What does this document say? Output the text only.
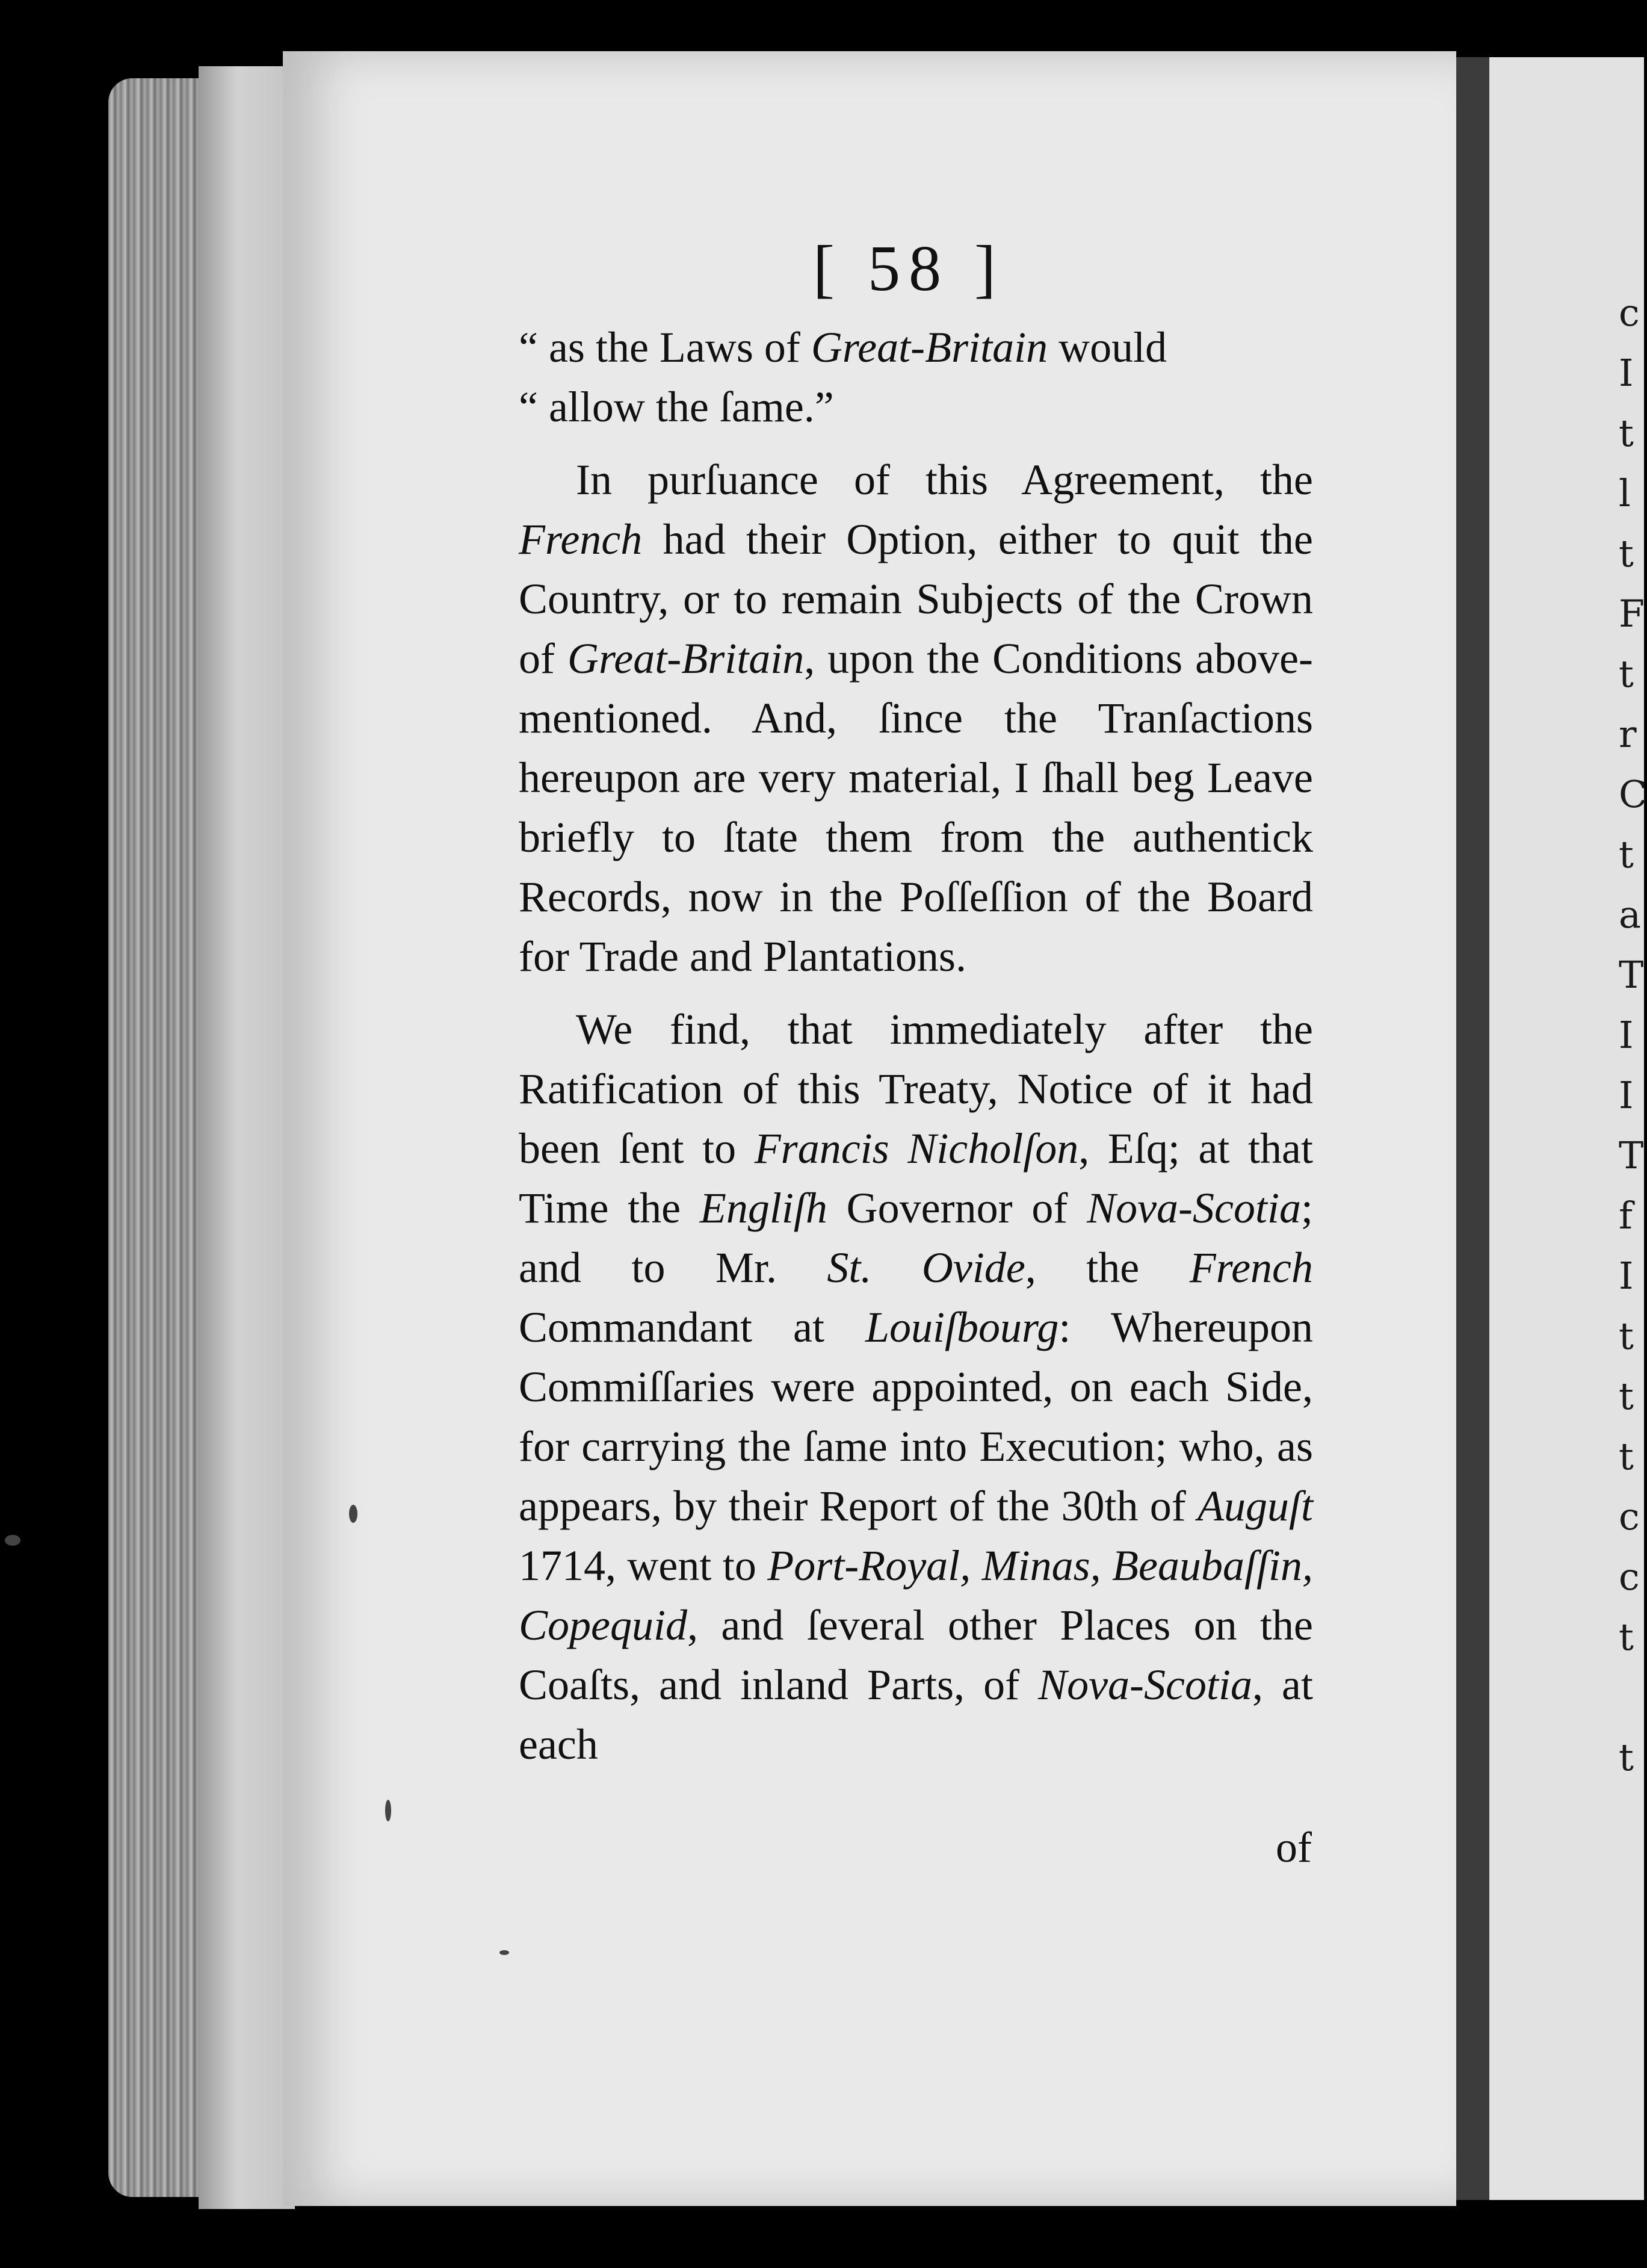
c
I
t
l
t
F
t
r
C
t
a
T
I
I
T
f
I
t
t
t
c
c
t

t
[ 58 ]

“ as the Laws of Great-Britain would

“ allow the ſame.”

In purſuance of this Agreement, the French had their Option, either to quit the Country, or to remain Subjects of the Crown of Great-Britain, upon the Conditions above-mentioned. And, ſince the Tranſactions hereupon are very material, I ſhall beg Leave briefly to ſtate them from the authentick Records, now in the Poſſeſſion of the Board for Trade and Plantations.

We find, that immediately after the Ratification of this Treaty, Notice of it had been ſent to Francis Nicholſon, Eſq; at that Time the Engliſh Governor of Nova-Scotia; and to Mr. St. Ovide, the French Commandant at Louiſbourg: Whereupon Commiſſaries were appointed, on each Side, for carrying the ſame into Execution; who, as appears, by their Report of the 30th of Auguſt 1714, went to Port-Royal, Minas, Beaubaſſin, Copequid, and ſeveral other Places on the Coaſts, and inland Parts, of Nova-Scotia, at each

of
